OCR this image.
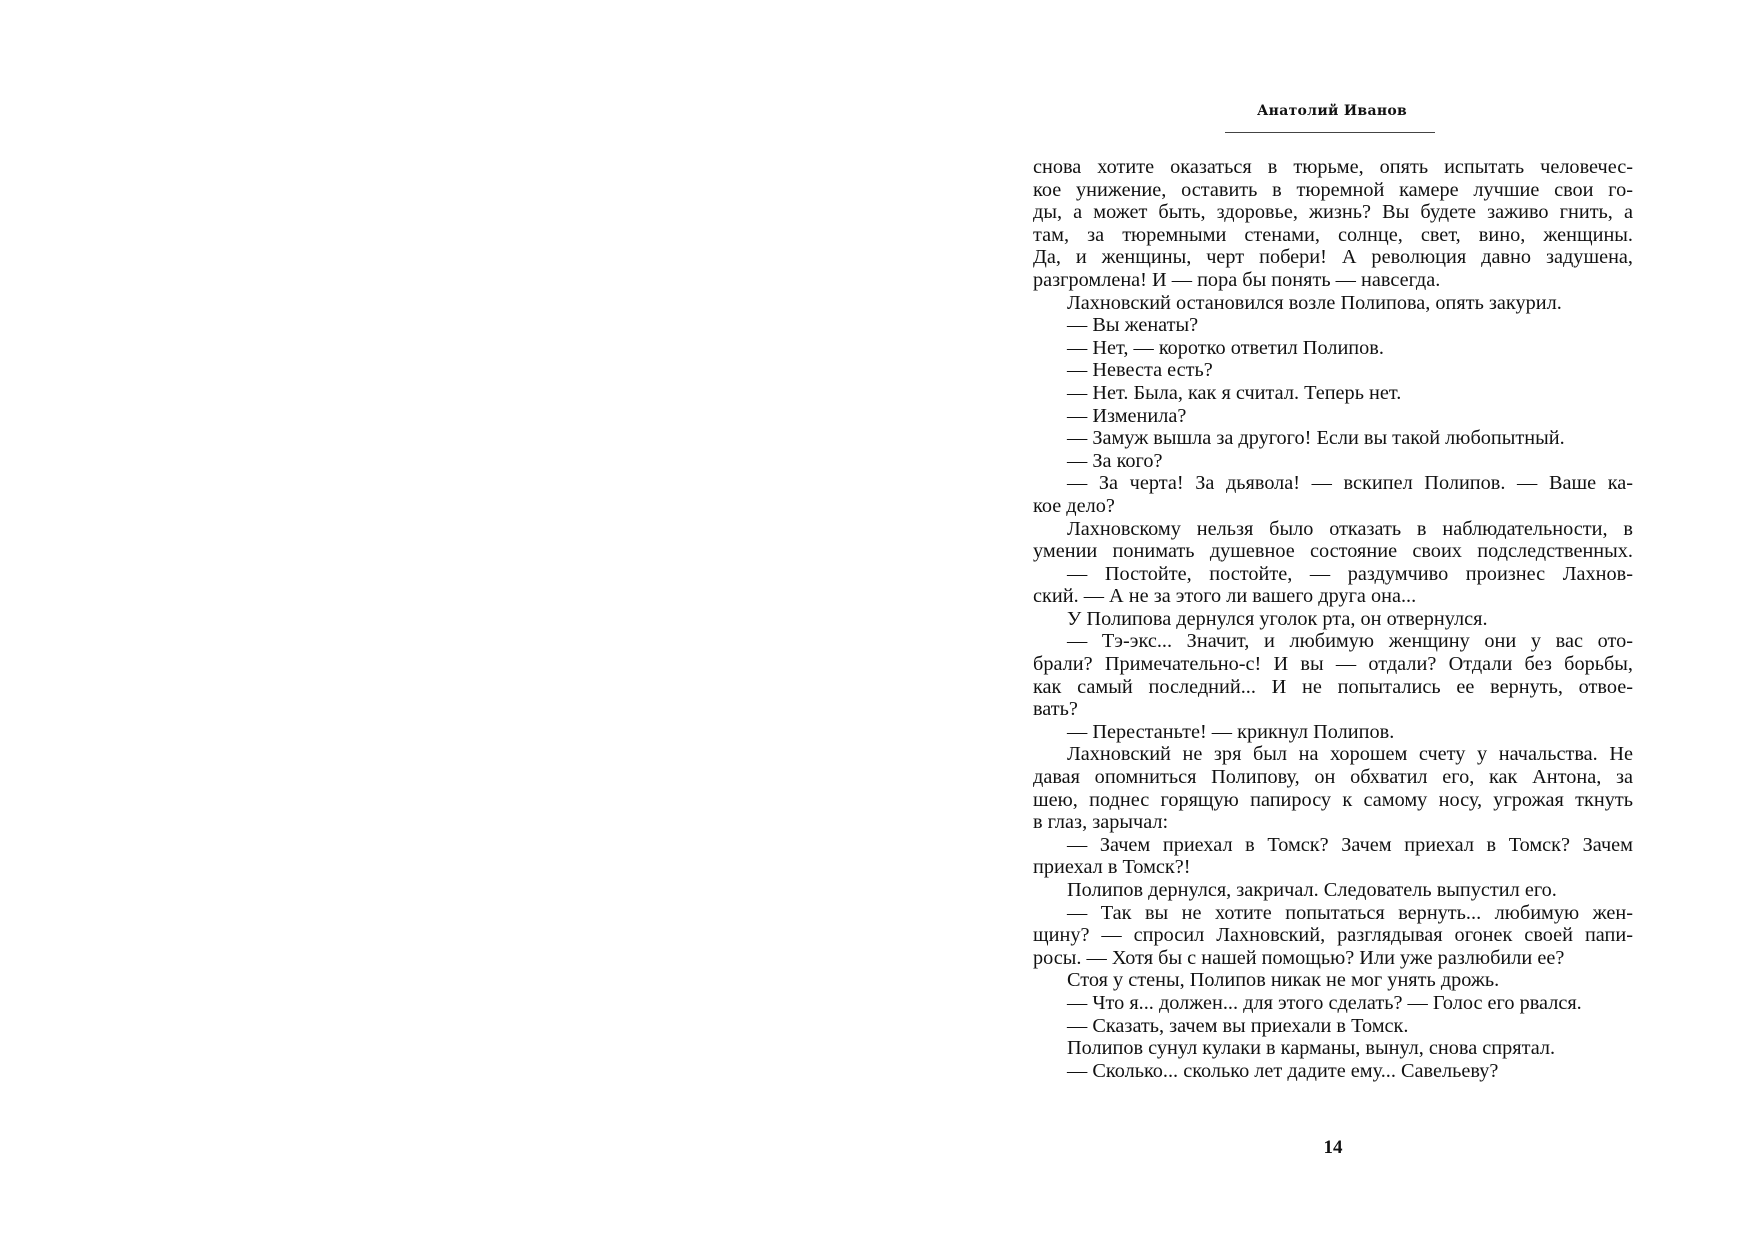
Анатолий Иванов
снова хотите оказаться в тюрьме, опять испытать человечес-
кое унижение, оставить в тюремной камере лучшие свои го-
ды, а может быть, здоровье, жизнь? Вы будете заживо гнить, а
там, за тюремными стенами, солнце, свет, вино, женщины.
Да, и женщины, черт побери! А революция давно задушена,
разгромлена! И — пора бы понять — навсегда.
Лахновский остановился возле Полипова, опять закурил.
— Вы женаты?
— Нет, — коротко ответил Полипов.
— Невеста есть?
— Нет. Была, как я считал. Теперь нет.
— Изменила?
— Замуж вышла за другого! Если вы такой любопытный.
— За кого?
— За черта! За дьявола! — вскипел Полипов. — Ваше ка-
кое дело?
Лахновскому нельзя было отказать в наблюдательности, в
умении понимать душевное состояние своих подследственных.
— Постойте, постойте, — раздумчиво произнес Лахнов-
ский. — А не за этого ли вашего друга она...
У Полипова дернулся уголок рта, он отвернулся.
— Тэ-экс... Значит, и любимую женщину они у вас ото-
брали? Примечательно-с! И вы — отдали? Отдали без борьбы,
как самый последний... И не попытались ее вернуть, отвое-
вать?
— Перестаньте! — крикнул Полипов.
Лахновский не зря был на хорошем счету у начальства. Не
давая опомниться Полипову, он обхватил его, как Антона, за
шею, поднес горящую папиросу к самому носу, угрожая ткнуть
в глаз, зарычал:
— Зачем приехал в Томск? Зачем приехал в Томск? Зачем
приехал в Томск?!
Полипов дернулся, закричал. Следователь выпустил его.
— Так вы не хотите попытаться вернуть... любимую жен-
щину? — спросил Лахновский, разглядывая огонек своей папи-
росы. — Хотя бы с нашей помощью? Или уже разлюбили ее?
Стоя у стены, Полипов никак не мог унять дрожь.
— Что я... должен... для этого сделать? — Голос его рвался.
— Сказать, зачем вы приехали в Томск.
Полипов сунул кулаки в карманы, вынул, снова спрятал.
— Сколько... сколько лет дадите ему... Савельеву?
14
